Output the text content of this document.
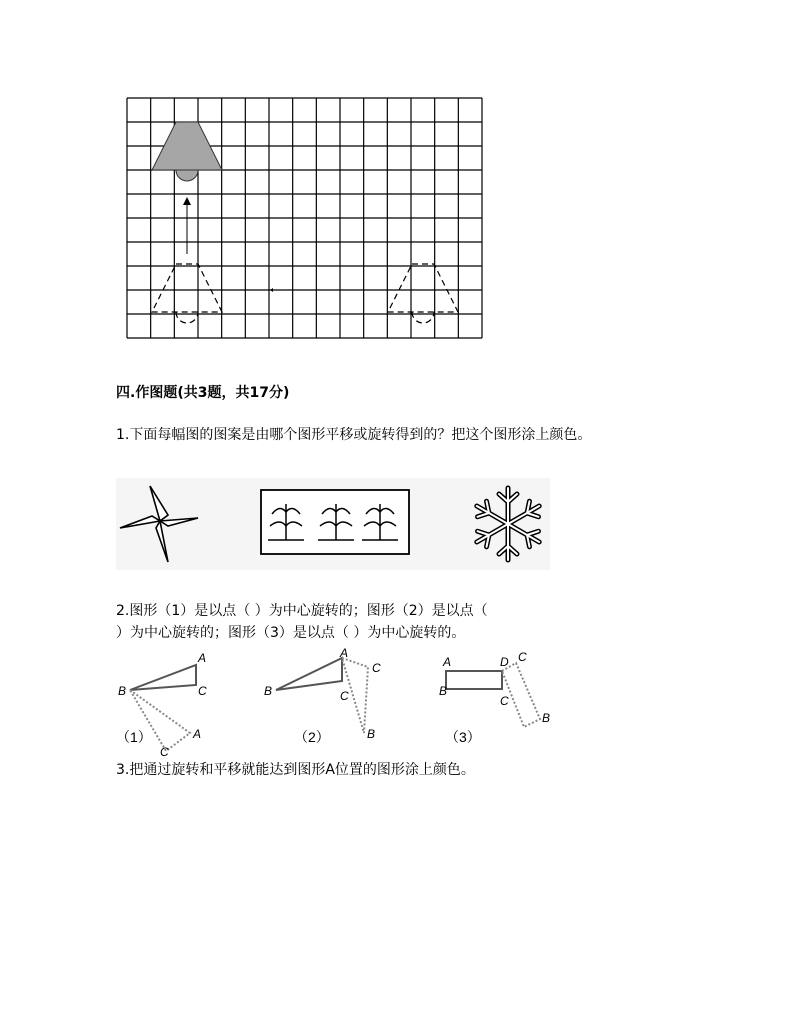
四.作图题(共3题，共17分)
1.下面每幅图的图案是由哪个图形平移或旋转得到的？把这个图形涂上颜色。
2.图形（1）是以点（ ）为中心旋转的；图形（2）是以点（
）为中心旋转的；图形（3）是以点（ ）为中心旋转的。
A
B	C
A
C
（1）
A
B	C
C
B
（2）
A
B
D
C
C
B
（3）
3.把通过旋转和平移就能达到图形A位置的图形涂上颜色。
